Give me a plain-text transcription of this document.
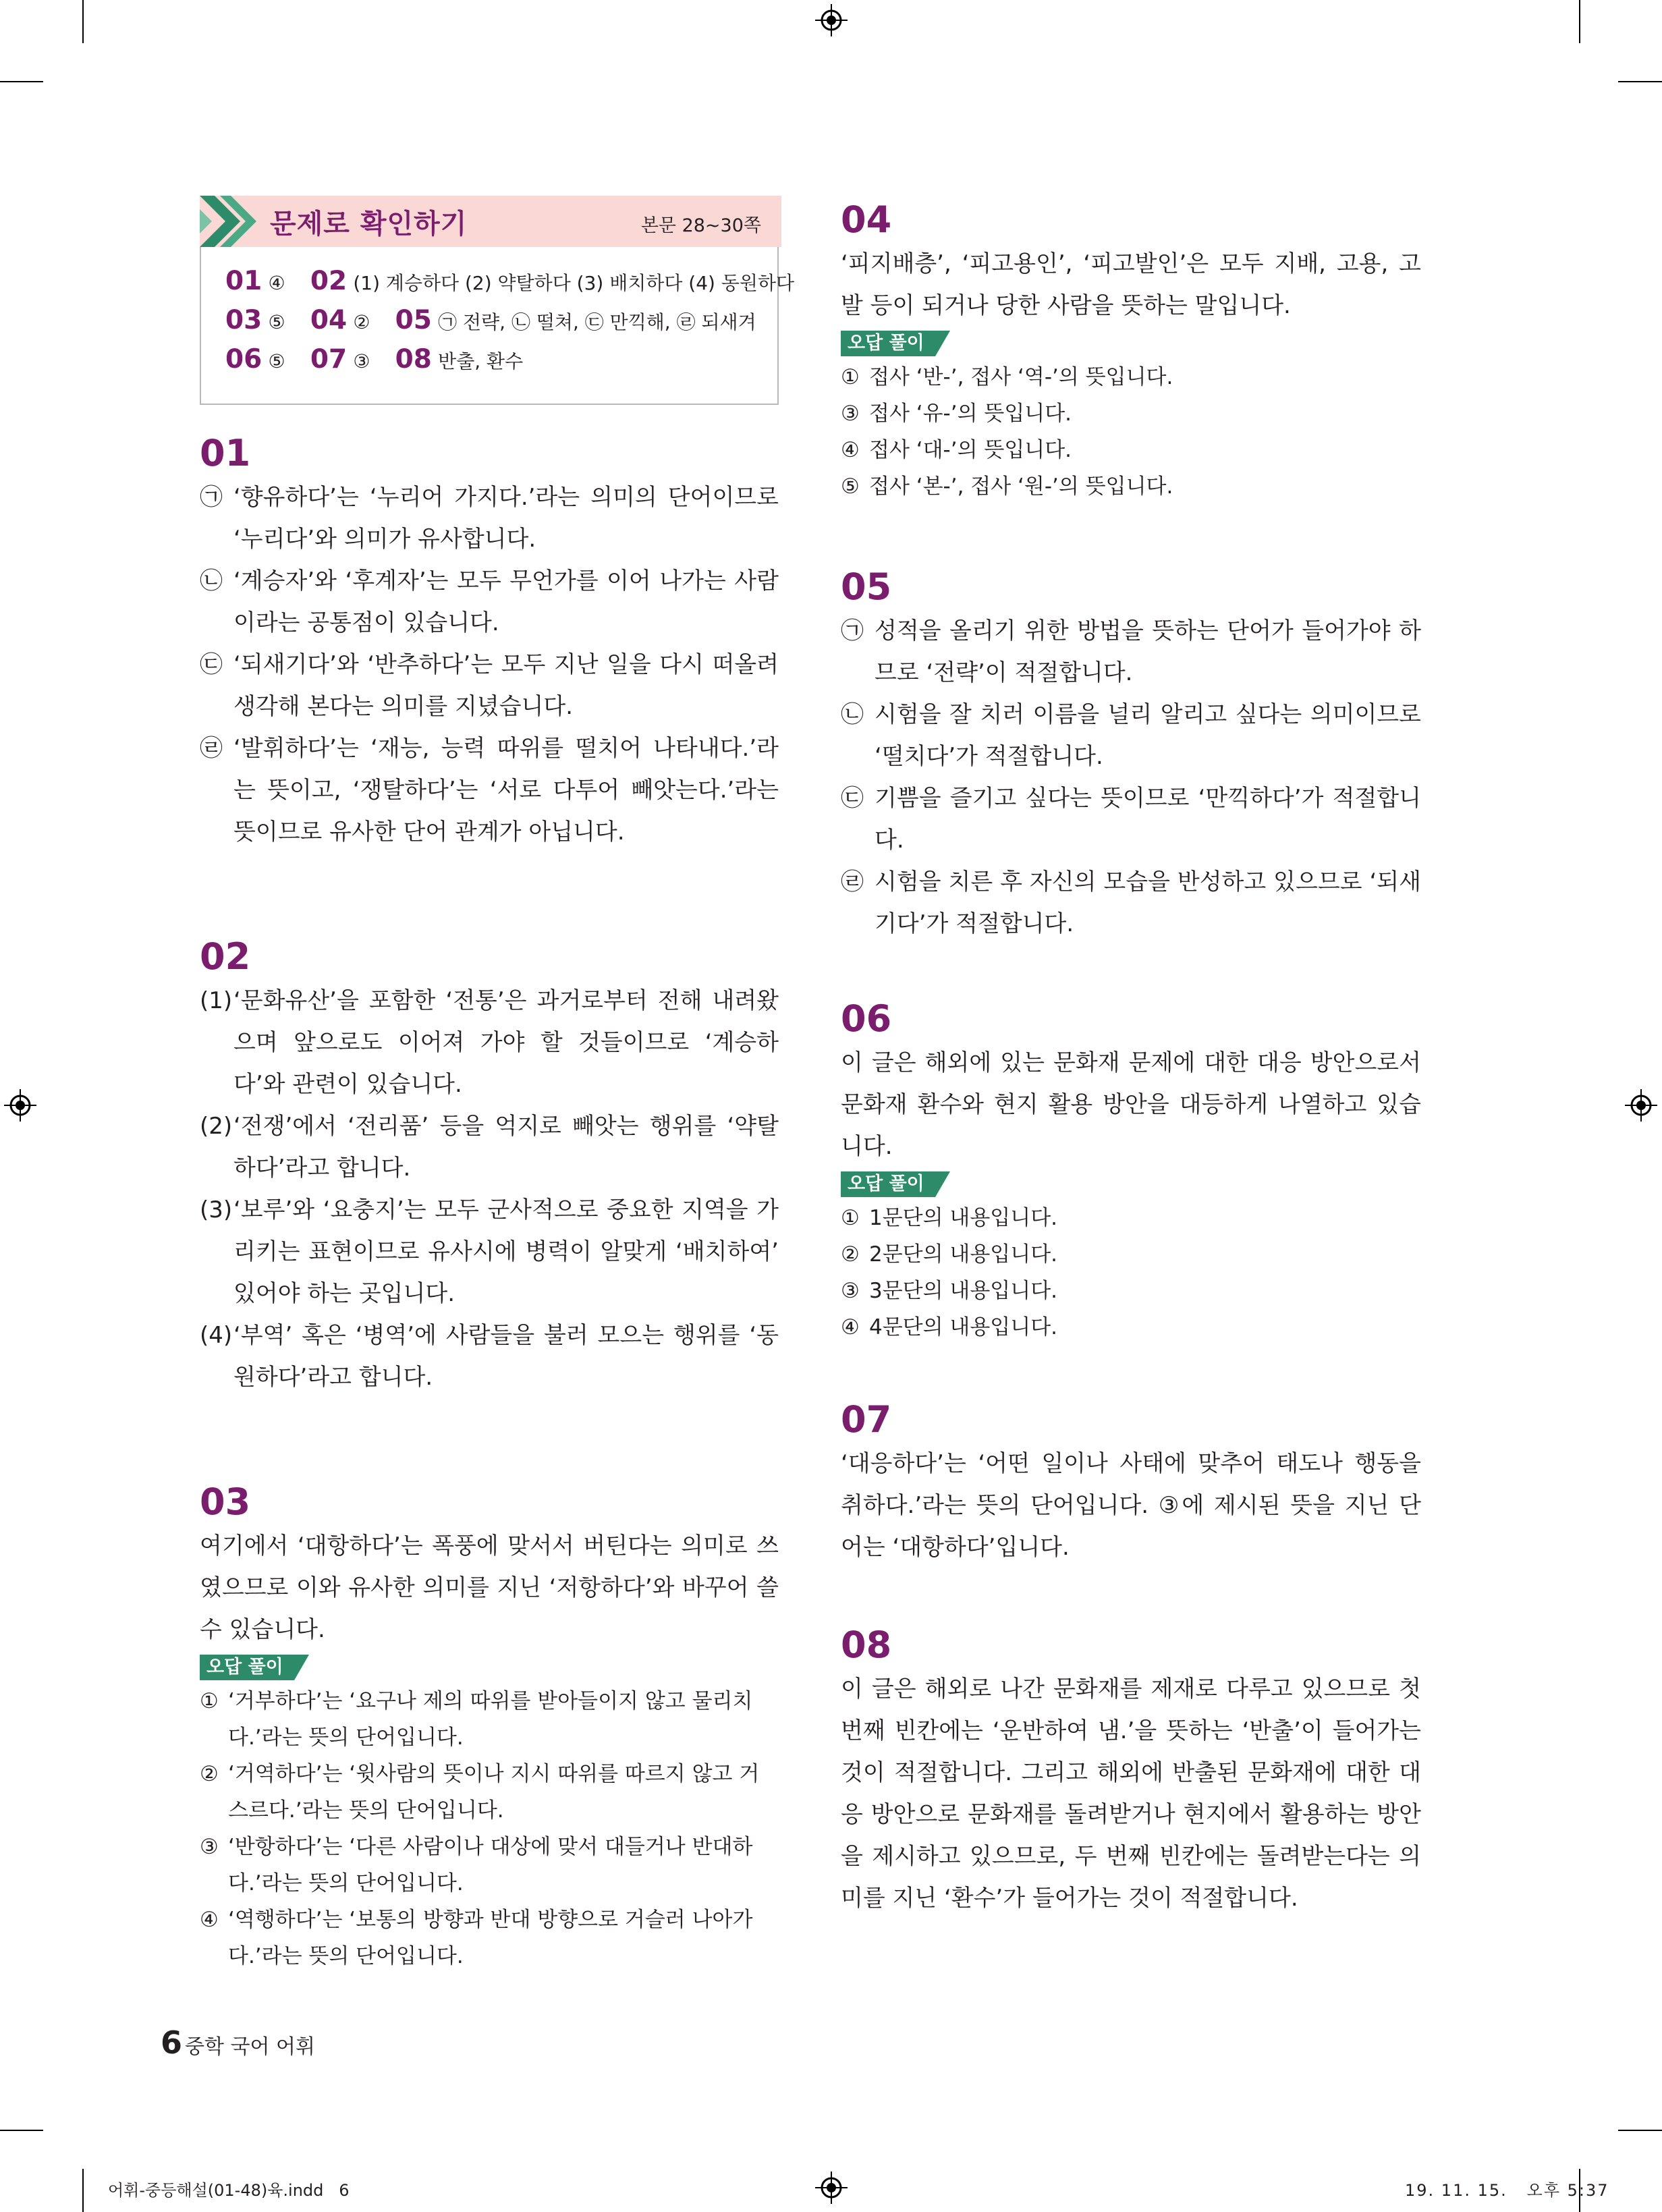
문제로 확인하기	본문 28~30쪽
01 ④ 02 (1) 계승하다 (2) 약탈하다 (3) 배치하다 (4) 동원하다
03 ⑤ 04 ② 05 ㉠ 전략, ㉡ 떨쳐, ㉢ 만끽해, ㉣ 되새겨
06 ⑤ 07 ③ 08 반출, 환수
01
㉠ ‘향유하다’는 ‘누리어 가지다.’라는 의미의 단어이므로 ‘누리다’와 의미가 유사합니다.
㉡ ‘계승자’와 ‘후계자’는 모두 무언가를 이어 나가는 사람이라는 공통점이 있습니다.
㉢ ‘되새기다’와 ‘반추하다’는 모두 지난 일을 다시 떠올려 생각해 본다는 의미를 지녔습니다.
㉣ ‘발휘하다’는 ‘재능, 능력 따위를 떨치어 나타내다.’라는 뜻이고, ‘쟁탈하다’는 ‘서로 다투어 빼앗는다.’라는 뜻이므로 유사한 단어 관계가 아닙니다.
02
(1) ‘문화유산’을 포함한 ‘전통’은 과거로부터 전해 내려왔으며 앞으로도 이어져 가야 할 것들이므로 ‘계승하다’와 관련이 있습니다.
(2) ‘전쟁’에서 ‘전리품’ 등을 억지로 빼앗는 행위를 ‘약탈하다’라고 합니다.
(3) ‘보루’와 ‘요충지’는 모두 군사적으로 중요한 지역을 가리키는 표현이므로 유사시에 병력이 알맞게 ‘배치하여’ 있어야 하는 곳입니다.
(4) ‘부역’ 혹은 ‘병역’에 사람들을 불러 모으는 행위를 ‘동원하다’라고 합니다.
03
여기에서 ‘대항하다’는 폭풍에 맞서서 버틴다는 의미로 쓰였으므로 이와 유사한 의미를 지닌 ‘저항하다’와 바꾸어 쓸 수 있습니다.
오답 풀이
① ‘거부하다’는 ‘요구나 제의 따위를 받아들이지 않고 물리치다.’라는 뜻의 단어입니다.
② ‘거역하다’는 ‘윗사람의 뜻이나 지시 따위를 따르지 않고 거스르다.’라는 뜻의 단어입니다.
③ ‘반항하다’는 ‘다른 사람이나 대상에 맞서 대들거나 반대하다.’라는 뜻의 단어입니다.
④ ‘역행하다’는 ‘보통의 방향과 반대 방향으로 거슬러 나아가다.’라는 뜻의 단어입니다.
04
‘피지배층’, ‘피고용인’, ‘피고발인’은 모두 지배, 고용, 고발 등이 되거나 당한 사람을 뜻하는 말입니다.
오답 풀이
① 접사 ‘반-’, 접사 ‘역-’의 뜻입니다.
③ 접사 ‘유-’의 뜻입니다.
④ 접사 ‘대-’의 뜻입니다.
⑤ 접사 ‘본-’, 접사 ‘원-’의 뜻입니다.
05
㉠ 성적을 올리기 위한 방법을 뜻하는 단어가 들어가야 하므로 ‘전략’이 적절합니다.
㉡ 시험을 잘 치러 이름을 널리 알리고 싶다는 의미이므로 ‘떨치다’가 적절합니다.
㉢ 기쁨을 즐기고 싶다는 뜻이므로 ‘만끽하다’가 적절합니다.
㉣ 시험을 치른 후 자신의 모습을 반성하고 있으므로 ‘되새기다’가 적절합니다.
06
이 글은 해외에 있는 문화재 문제에 대한 대응 방안으로서 문화재 환수와 현지 활용 방안을 대등하게 나열하고 있습니다.
오답 풀이
① 1문단의 내용입니다.
② 2문단의 내용입니다.
③ 3문단의 내용입니다.
④ 4문단의 내용입니다.
07
‘대응하다’는 ‘어떤 일이나 사태에 맞추어 태도나 행동을 취하다.’라는 뜻의 단어입니다. ③에 제시된 뜻을 지닌 단어는 ‘대항하다’입니다.
08
이 글은 해외로 나간 문화재를 제재로 다루고 있으므로 첫 번째 빈칸에는 ‘운반하여 냄.’을 뜻하는 ‘반출’이 들어가는 것이 적절합니다. 그리고 해외에 반출된 문화재에 대한 대응 방안으로 문화재를 돌려받거나 현지에서 활용하는 방안을 제시하고 있으므로, 두 번째 빈칸에는 돌려받는다는 의미를 지닌 ‘환수’가 들어가는 것이 적절합니다.
6 중학 국어 어휘
어휘-중등해설(01-48)육.indd   6	19. 11. 15.   오후 5:37
